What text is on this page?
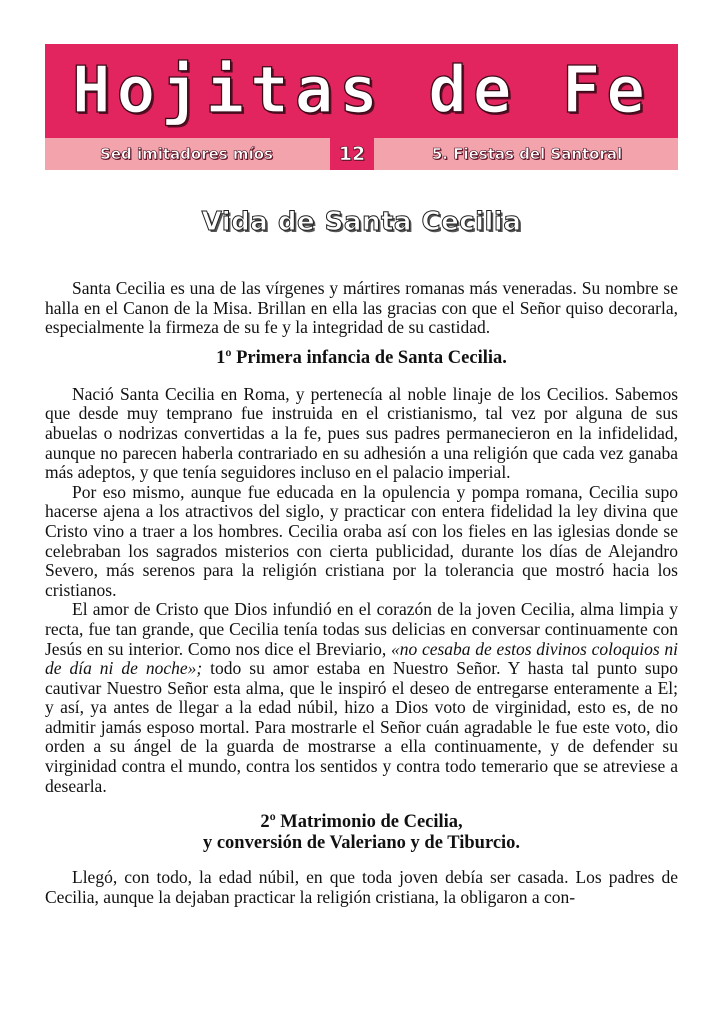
Hojitas de Fe
Sed imitadores míos	12	5. Fiestas del Santoral
Vida de Santa Cecilia

Santa Cecilia es una de las vírgenes y mártires romanas más veneradas. Su nombre se halla en el Canon de la Misa. Brillan en ella las gracias con que el Señor quiso decorarla, especialmente la firmeza de su fe y la integridad de su castidad.

1º Primera infancia de Santa Cecilia.

Nació Santa Cecilia en Roma, y pertenecía al noble linaje de los Cecilios. Sabemos que desde muy temprano fue instruida en el cristianismo, tal vez por alguna de sus abuelas o nodrizas convertidas a la fe, pues sus padres permanecieron en la infidelidad, aunque no parecen haberla contrariado en su adhesión a una religión que cada vez ganaba más adeptos, y que tenía seguidores incluso en el palacio imperial.

Por eso mismo, aunque fue educada en la opulencia y pompa romana, Cecilia supo hacerse ajena a los atractivos del siglo, y practicar con entera fidelidad la ley divina que Cristo vino a traer a los hombres. Cecilia oraba así con los fieles en las iglesias donde se celebraban los sagrados misterios con cierta publicidad, durante los días de Alejandro Severo, más serenos para la religión cristiana por la tolerancia que mostró hacia los cristianos.

El amor de Cristo que Dios infundió en el corazón de la joven Cecilia, alma limpia y recta, fue tan grande, que Cecilia tenía todas sus delicias en conversar continuamente con Jesús en su interior. Como nos dice el Breviario, «no cesaba de estos divinos coloquios ni de día ni de noche»; todo su amor estaba en Nuestro Señor. Y hasta tal punto supo cautivar Nuestro Señor esta alma, que le inspiró el deseo de entregarse enteramente a El; y así, ya antes de llegar a la edad núbil, hizo a Dios voto de virginidad, esto es, de no admitir jamás esposo mortal. Para mostrarle el Señor cuán agradable le fue este voto, dio orden a su ángel de la guarda de mostrarse a ella continuamente, y de defender su virginidad contra el mundo, contra los sentidos y contra todo temerario que se atreviese a desearla.

2º Matrimonio de Cecilia,
y conversión de Valeriano y de Tiburcio.

Llegó, con todo, la edad núbil, en que toda joven debía ser casada. Los padres de Cecilia, aunque la dejaban practicar la religión cristiana, la obligaron a con-
